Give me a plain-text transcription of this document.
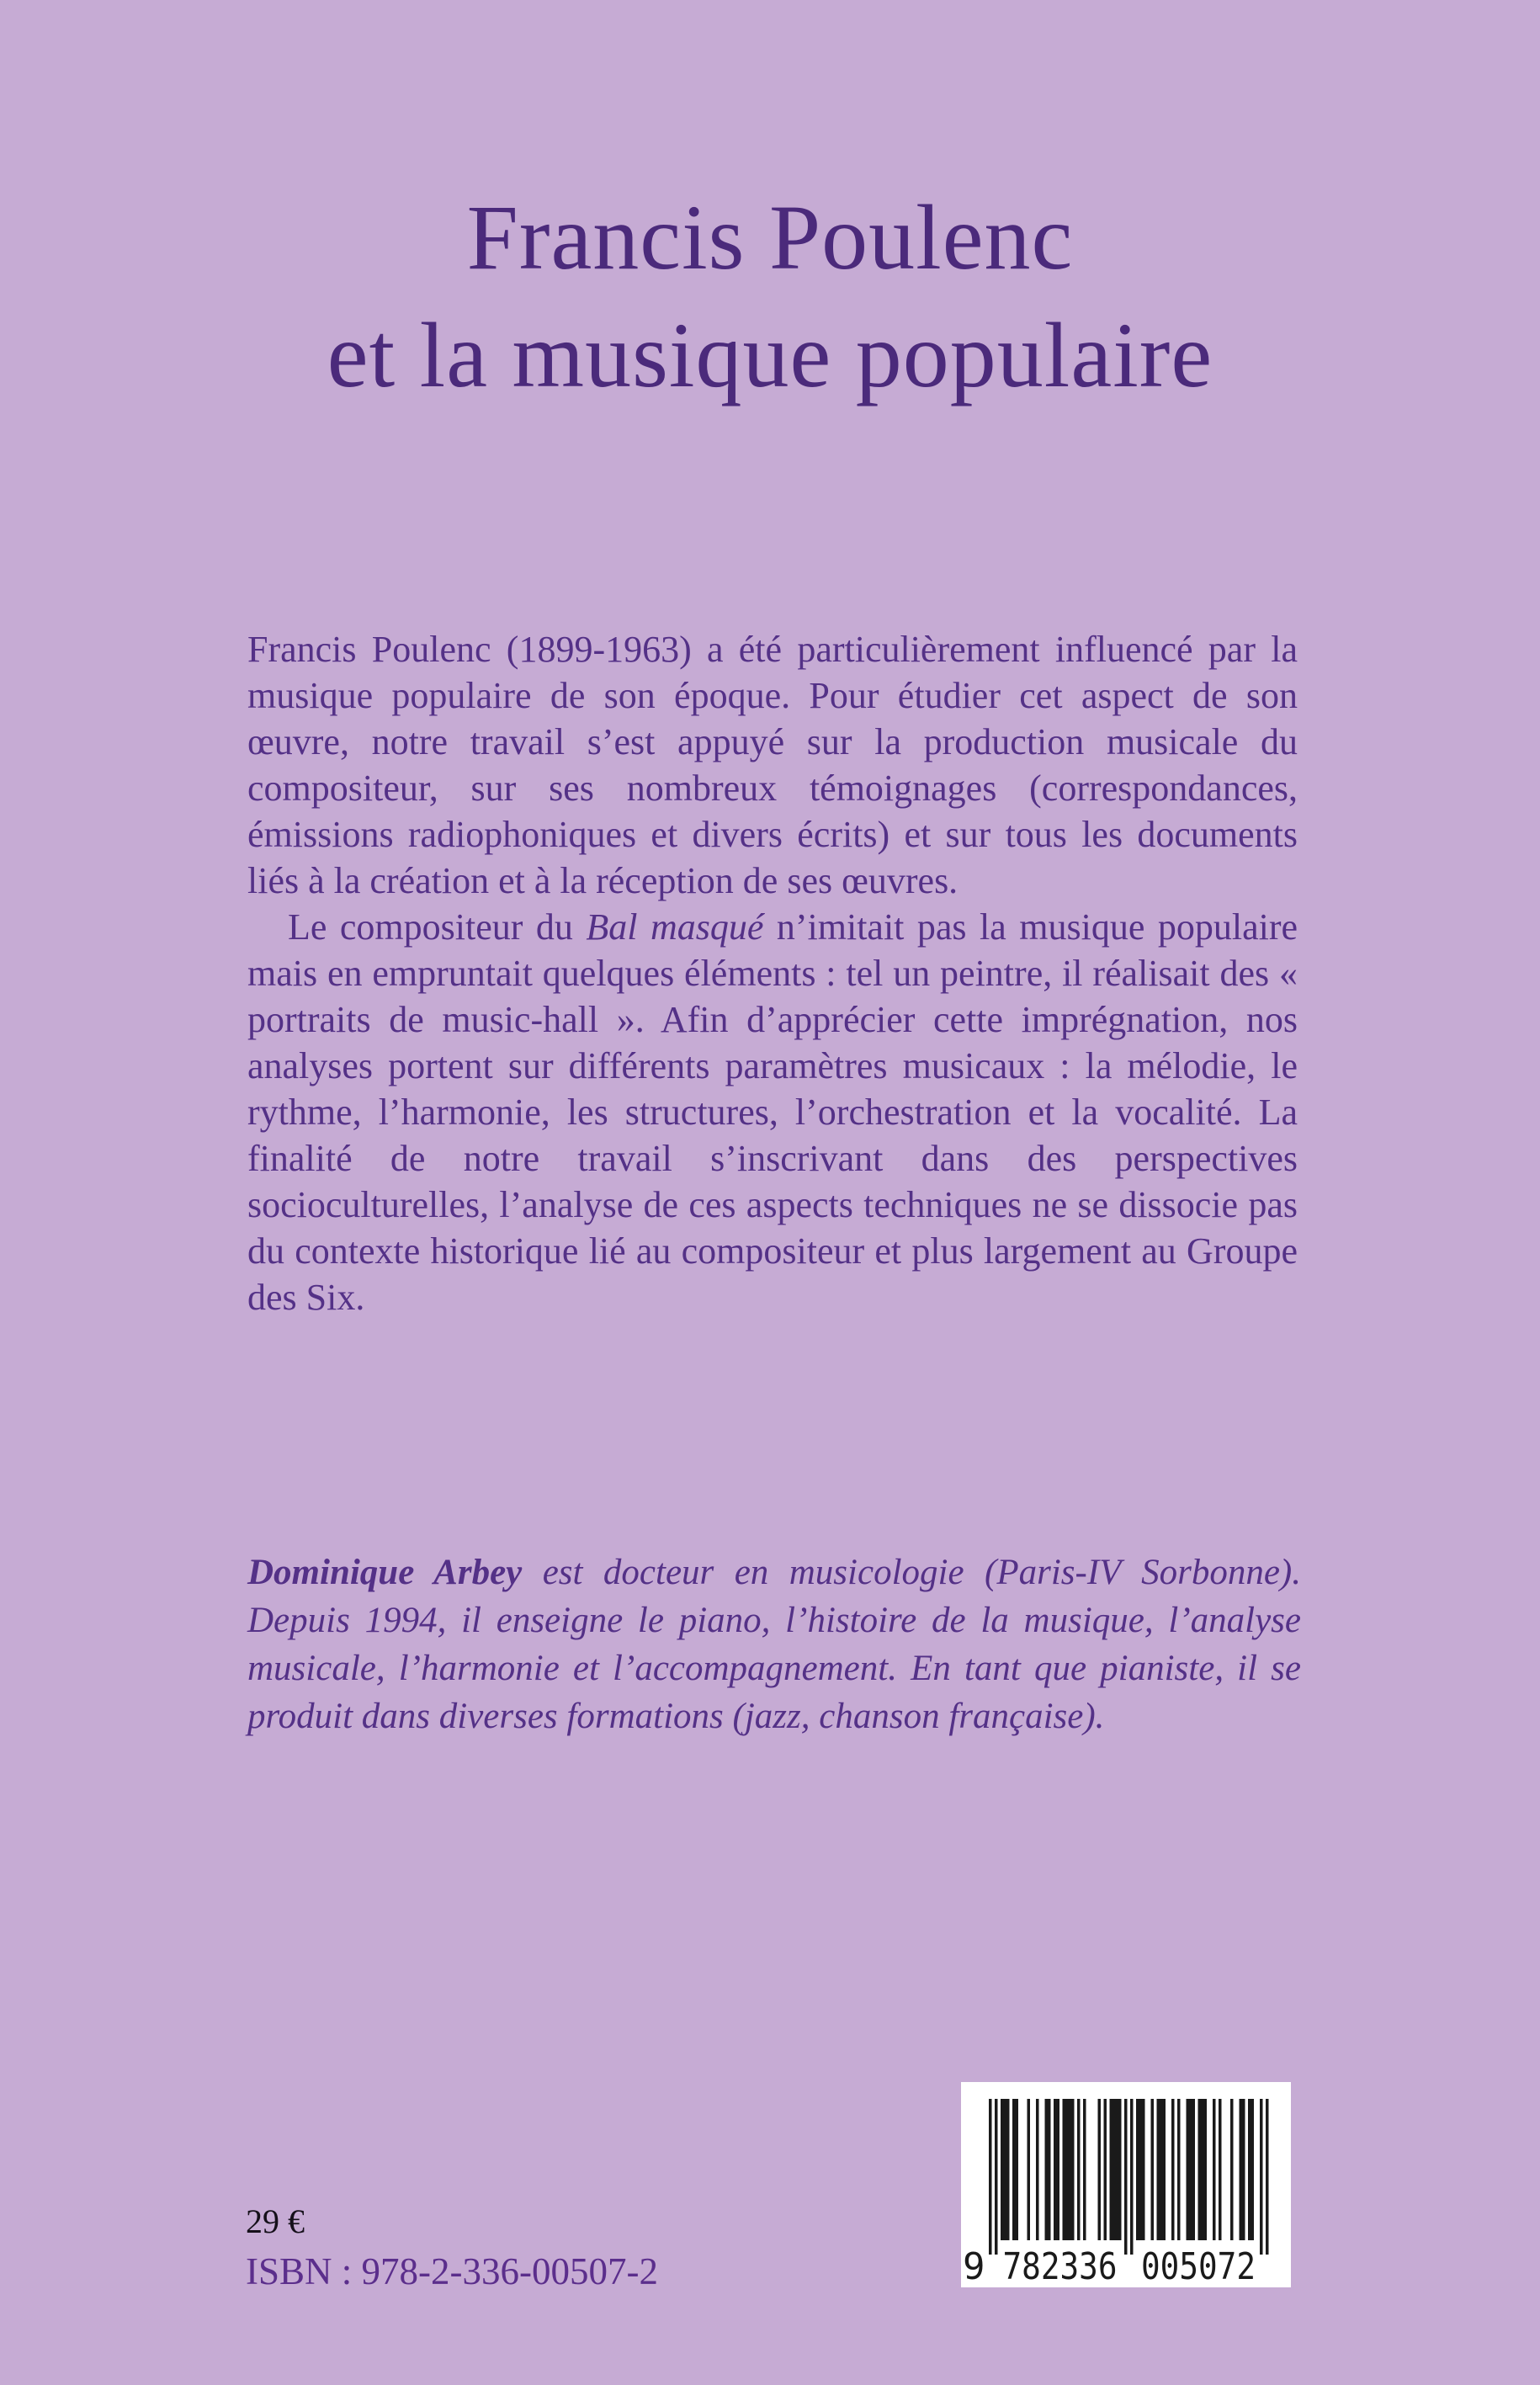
Francis Poulenc
et la musique populaire

Francis Poulenc (1899-1963) a été particulièrement influencé par la musique populaire de son époque. Pour étudier cet aspect de son œuvre, notre travail s’est appuyé sur la production musicale du compositeur, sur ses nombreux témoignages (correspondances, émissions radiophoniques et divers écrits) et sur tous les documents liés à la création et à la réception de ses œuvres.

Le compositeur du Bal masqué n’imitait pas la musique populaire mais en empruntait quelques éléments : tel un peintre, il réalisait des « portraits de music-hall ». Afin d’apprécier cette imprégnation, nos analyses portent sur différents paramètres musicaux : la mélodie, le rythme, l’harmonie, les structures, l’orchestration et la vocalité. La finalité de notre travail s’inscrivant dans des perspectives socioculturelles, l’analyse de ces aspects techniques ne se dissocie pas du contexte historique lié au compositeur et plus largement au Groupe des Six.

Dominique Arbey est docteur en musicologie (Paris-IV Sorbonne). Depuis 1994, il enseigne le piano, l’histoire de la musique, l’analyse musicale, l’harmonie et l’accompagnement. En tant que pianiste, il se produit dans diverses formations (jazz, chanson française).

29 €
ISBN : 978-2-336-00507-2	9 782336 005072
